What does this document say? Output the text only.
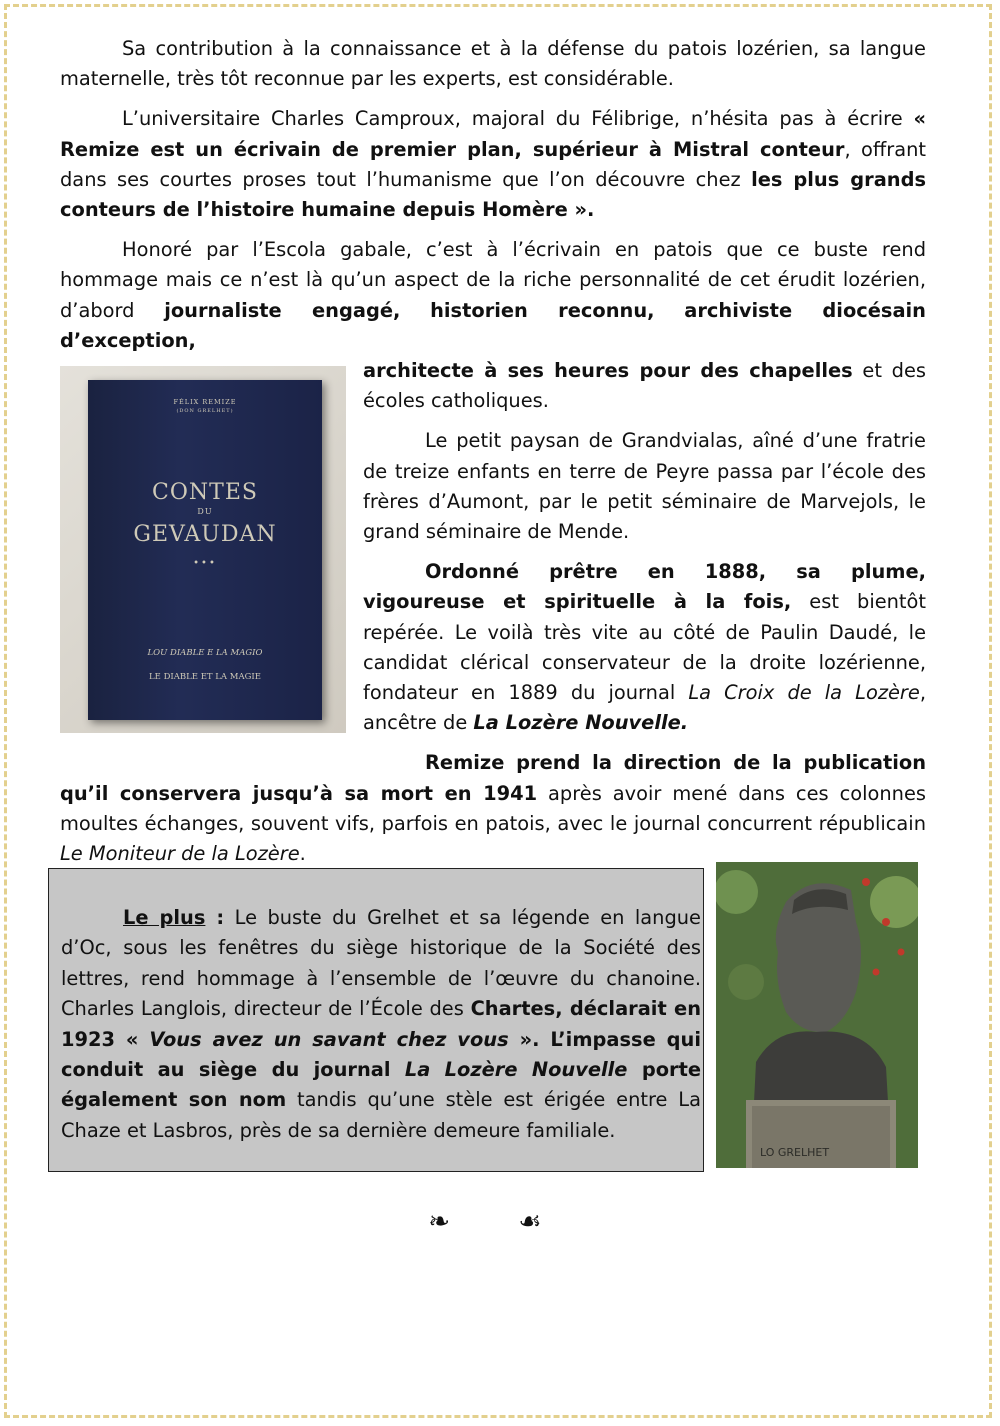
Sa contribution à la connaissance et à la défense du patois lozérien, sa langue maternelle, très tôt reconnue par les experts, est considérable.

L’universitaire Charles Camproux, majoral du Félibrige, n’hésita pas à écrire « Remize est un écrivain de premier plan, supérieur à Mistral conteur, offrant dans ses courtes proses tout l’humanisme que l’on découvre chez les plus grands conteurs de l’histoire humaine depuis Homère ».

Honoré par l’Escola gabale, c’est à l’écrivain en patois que ce buste rend hommage mais ce n’est là qu’un aspect de la riche personnalité de cet érudit lozérien, d’abord journaliste engagé, historien reconnu, archiviste diocésain d’exception,

architecte à ses heures pour des chapelles et des écoles catholiques.

Le petit paysan de Grandvialas, aîné d’une fratrie de treize enfants en terre de Peyre passa par l’école des frères d’Aumont, par le petit séminaire de Marvejols, le grand séminaire de Mende.

Ordonné prêtre en 1888, sa plume, vigoureuse et spirituelle à la fois, est bientôt repérée. Le voilà très vite au côté de Paulin Daudé, le candidat clérical conservateur de la droite lozérienne, fondateur en 1889 du journal La Croix de la Lozère, ancêtre de La Lozère Nouvelle.

Remize prend la direction de la publication qu’il conservera jusqu’à sa mort en 1941 après avoir mené dans ces colonnes moultes échanges, souvent vifs, parfois en patois, avec le journal concurrent républicain Le Moniteur de la Lozère.

FÉLIX REMIZE
(DON GRELHET)
CONTES
DU
GEVAUDAN
•••
LOU DIABLE E LA MAGIO
LE DIABLE ET LA MAGIE

Le plus : Le buste du Grelhet et sa légende en langue d’Oc, sous les fenêtres du siège historique de la Société des lettres, rend hommage à l’ensemble de l’œuvre du chanoine. Charles Langlois, directeur de l’École des Chartes, déclarait en 1923 « Vous avez un savant chez vous ». L’impasse qui conduit au siège du journal La Lozère Nouvelle porte également son nom tandis qu’une stèle est érigée entre La Chaze et Lasbros, près de sa dernière demeure familiale.

LO GRELHET
❧ ☙
